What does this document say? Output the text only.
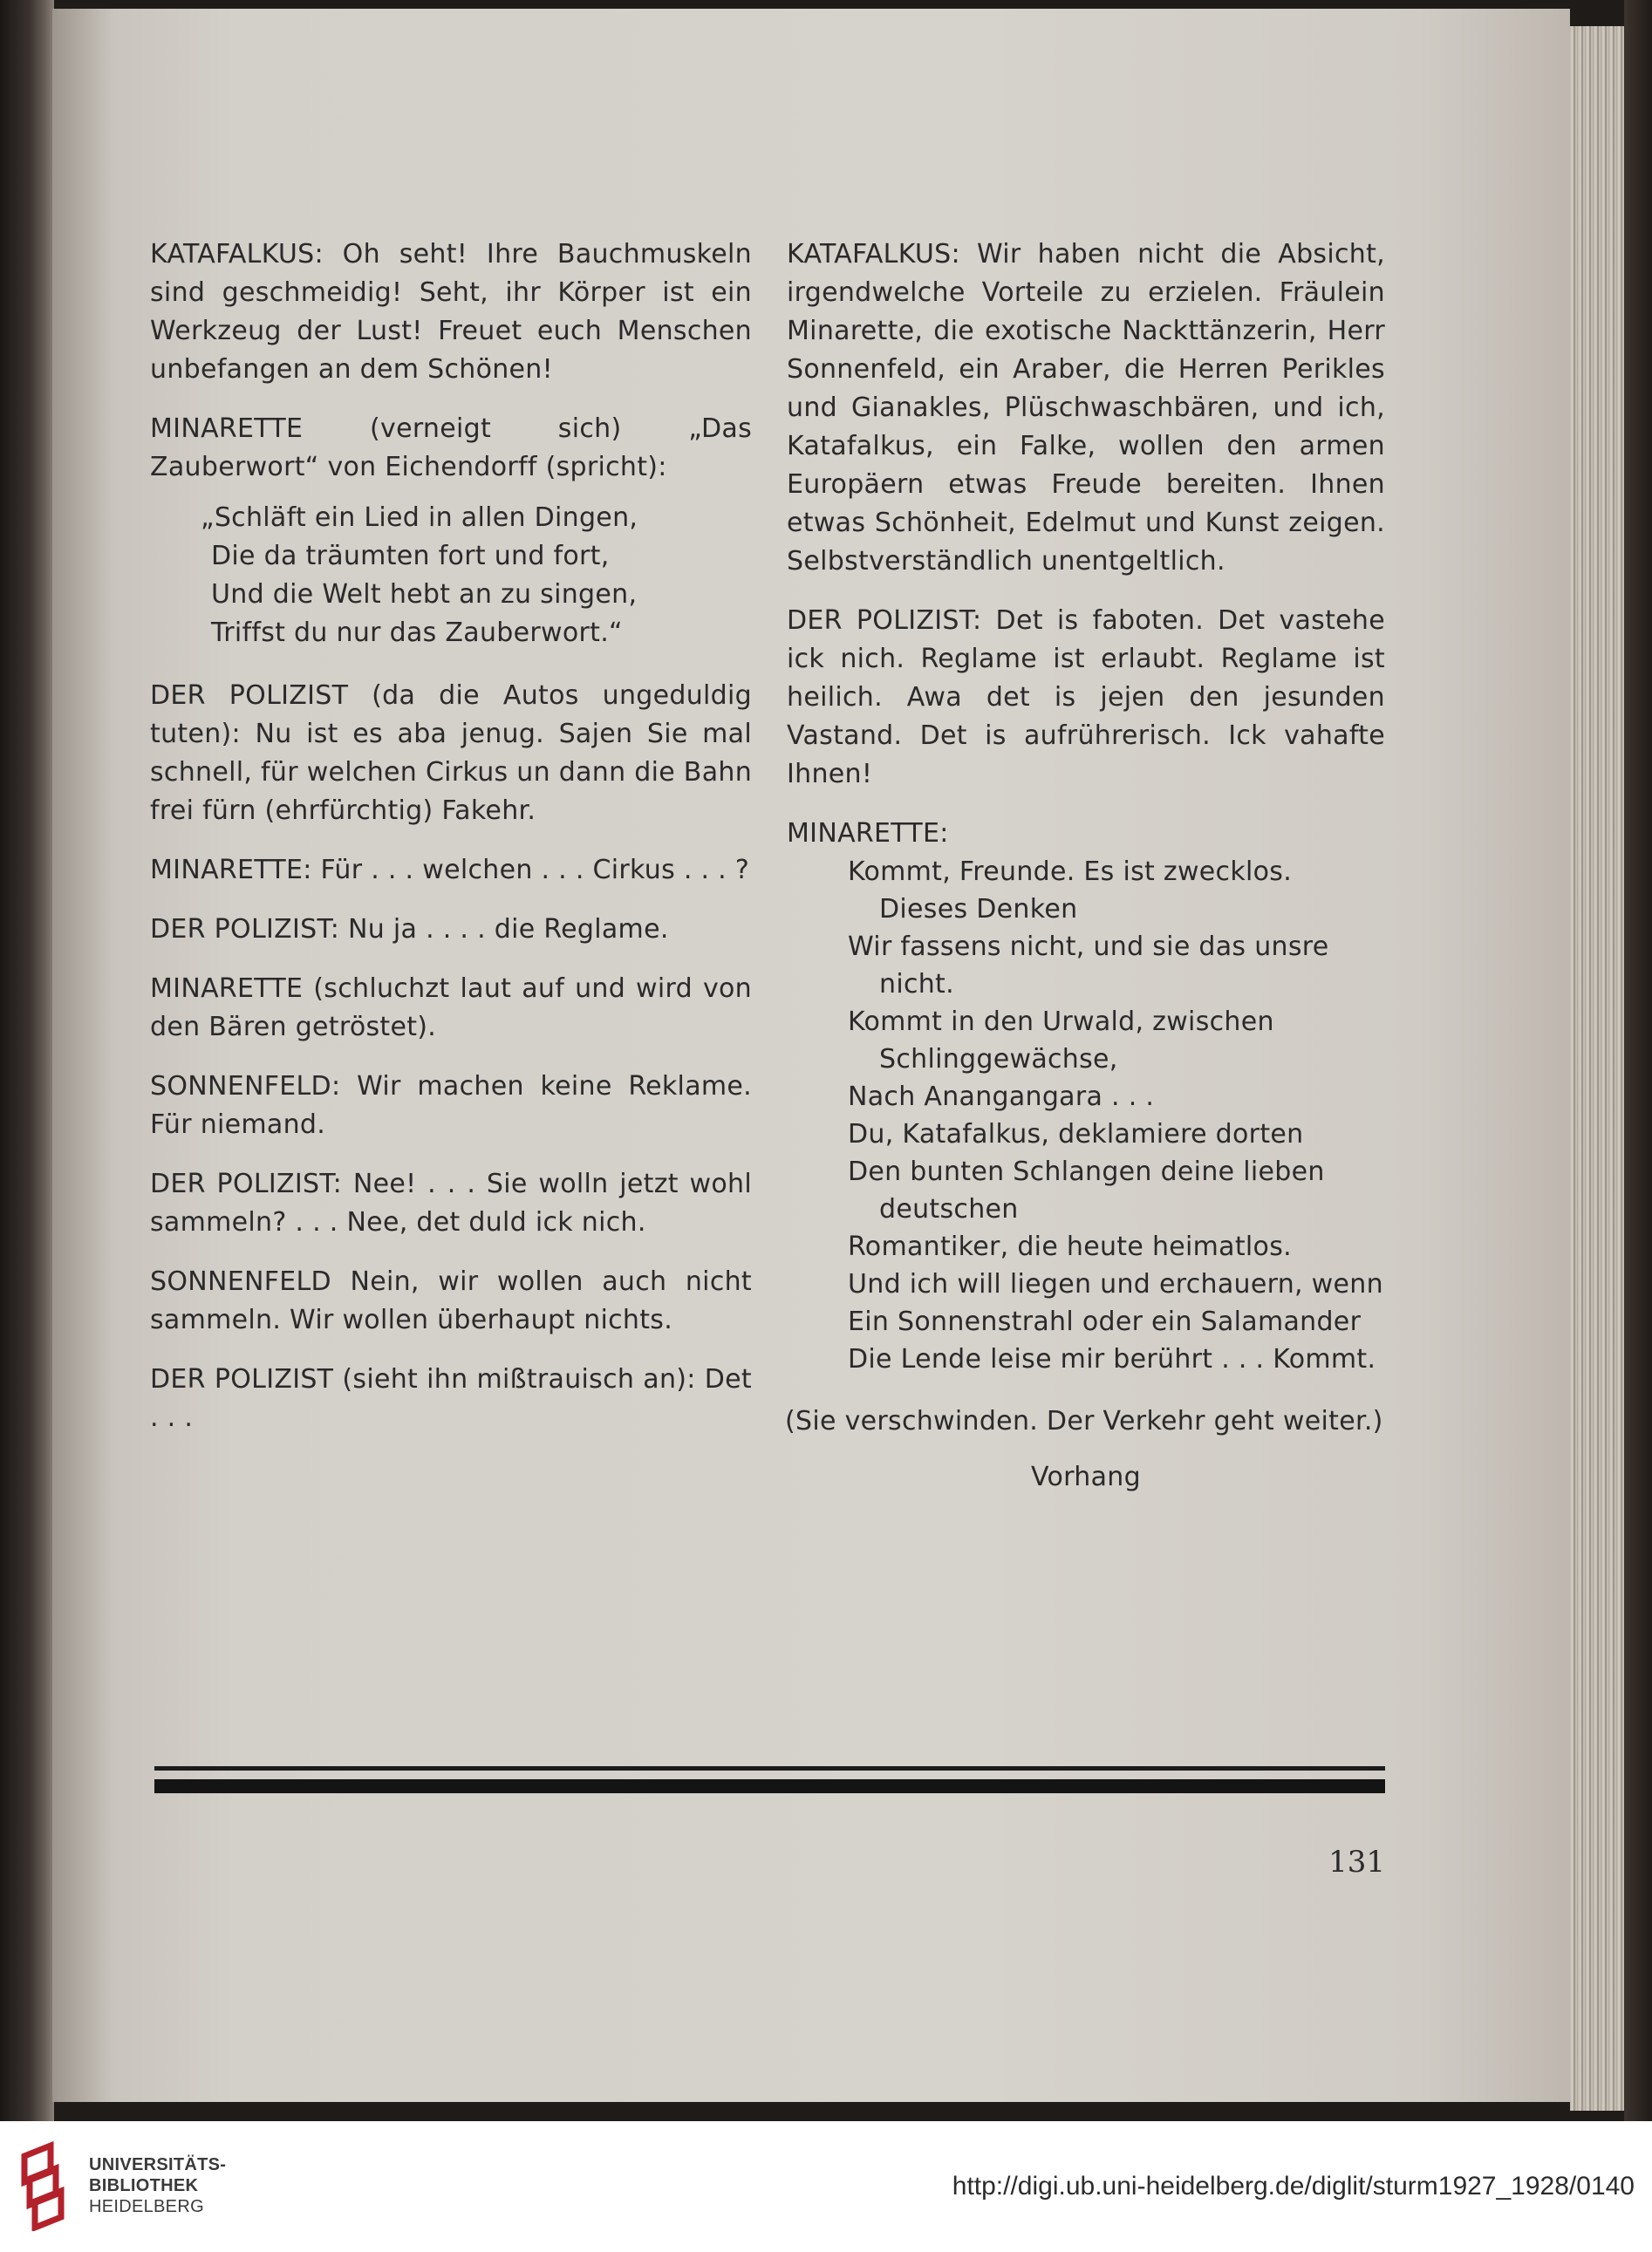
KATAFALKUS: Oh seht! Ihre Bauchmuskeln sind geschmeidig! Seht, ihr Körper ist ein Werkzeug der Lust! Freuet euch Menschen unbefangen an dem Schönen!

MINARETTE (verneigt sich) „Das Zauberwort“ von Eichendorff (spricht):

„Schläft ein Lied in allen Dingen,
Die da träumten fort und fort,
Und die Welt hebt an zu singen,
Triffst du nur das Zauberwort.“

DER POLIZIST (da die Autos ungeduldig tuten): Nu ist es aba jenug. Sajen Sie mal schnell, für welchen Cirkus un dann die Bahn frei fürn (ehrfürchtig) Fakehr.

MINARETTE: Für . . . welchen . . . Cirkus . . . ?

DER POLIZIST: Nu ja . . . . die Reglame.

MINARETTE (schluchzt laut auf und wird von den Bären getröstet).

SONNENFELD: Wir machen keine Reklame. Für niemand.

DER POLIZIST: Nee! . . . Sie wolln jetzt wohl sammeln? . . . Nee, det duld ick nich.

SONNENFELD Nein, wir wollen auch nicht sammeln. Wir wollen überhaupt nichts.

DER POLIZIST (sieht ihn mißtrauisch an): Det . . .

KATAFALKUS: Wir haben nicht die Absicht, irgendwelche Vorteile zu erzielen. Fräulein Minarette, die exotische Nackttänzerin, Herr Sonnenfeld, ein Araber, die Herren Perikles und Gianakles, Plüschwaschbären, und ich, Katafalkus, ein Falke, wollen den armen Europäern etwas Freude bereiten. Ihnen etwas Schönheit, Edelmut und Kunst zeigen. Selbstverständlich unentgeltlich.

DER POLIZIST: Det is faboten. Det vastehe ick nich. Reglame ist erlaubt. Reglame ist heilich. Awa det is jejen den jesunden Vastand. Det is aufrührerisch. Ick vahafte Ihnen!

MINARETTE:

Kommt, Freunde. Es ist zwecklos. Dieses Denken
Wir fassens nicht, und sie das unsre nicht.
Kommt in den Urwald, zwischen Schlinggewächse,
Nach Anangangara . . .
Du, Katafalkus, deklamiere dorten
Den bunten Schlangen deine lieben deutschen
Romantiker, die heute heimatlos.
Und ich will liegen und erchauern, wenn
Ein Sonnenstrahl oder ein Salamander
Die Lende leise mir berührt . . . Kommt.
(Sie verschwinden. Der Verkehr geht weiter.)
Vorhang
131
UNIVERSITÄTS-
BIBLIOTHEK
HEIDELBERG
http://digi.ub.uni-heidelberg.de/diglit/sturm1927_1928/0140
